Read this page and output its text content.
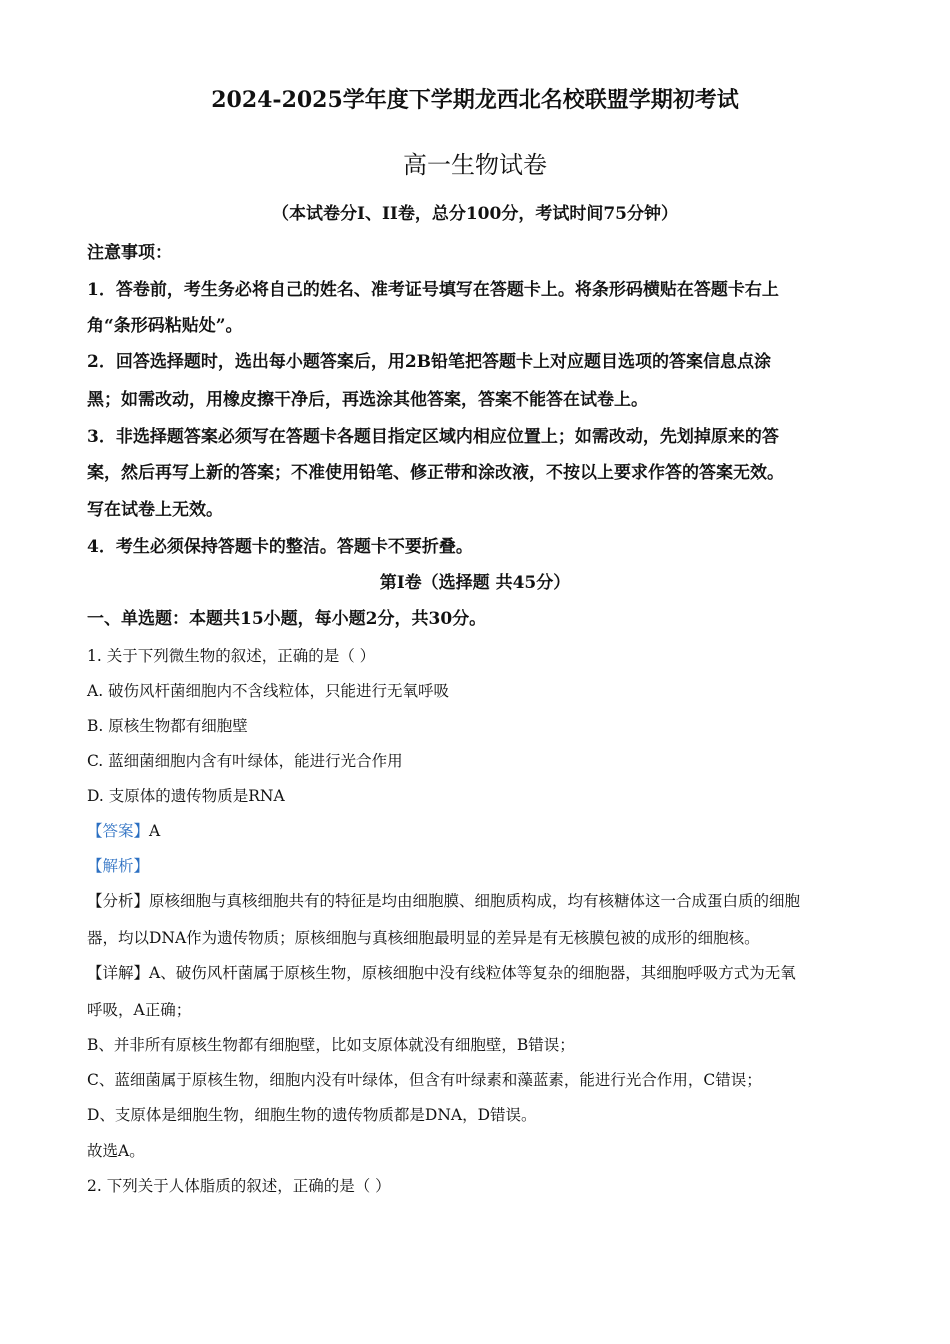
2024-2025学年度下学期龙西北名校联盟学期初考试
高一生物试卷
（本试卷分I、II卷，总分100分，考试时间75分钟）
注意事项：
1．答卷前，考生务必将自己的姓名、准考证号填写在答题卡上。将条形码横贴在答题卡右上
角“条形码粘贴处”。
2．回答选择题时，选出每小题答案后，用2B铅笔把答题卡上对应题目选项的答案信息点涂
黑；如需改动，用橡皮擦干净后，再选涂其他答案，答案不能答在试卷上。
3．非选择题答案必须写在答题卡各题目指定区域内相应位置上；如需改动，先划掉原来的答
案，然后再写上新的答案；不准使用铅笔、修正带和涂改液，不按以上要求作答的答案无效。
写在试卷上无效。
4．考生必须保持答题卡的整洁。答题卡不要折叠。
第I卷（选择题 共45分）
一、单选题：本题共15小题，每小题2分，共30分。
1. 关于下列微生物的叙述，正确的是（ ）
A. 破伤风杆菌细胞内不含线粒体，只能进行无氧呼吸
B. 原核生物都有细胞壁
C. 蓝细菌细胞内含有叶绿体，能进行光合作用
D. 支原体的遗传物质是RNA
【答案】A
【解析】
【分析】原核细胞与真核细胞共有的特征是均由细胞膜、细胞质构成，均有核糖体这一合成蛋白质的细胞
器，均以DNA作为遗传物质；原核细胞与真核细胞最明显的差异是有无核膜包被的成形的细胞核。
【详解】A、破伤风杆菌属于原核生物，原核细胞中没有线粒体等复杂的细胞器，其细胞呼吸方式为无氧
呼吸，A正确；
B、并非所有原核生物都有细胞壁，比如支原体就没有细胞壁，B错误；
C、蓝细菌属于原核生物，细胞内没有叶绿体，但含有叶绿素和藻蓝素，能进行光合作用，C错误；
D、支原体是细胞生物，细胞生物的遗传物质都是DNA，D错误。
故选A。
2. 下列关于人体脂质的叙述，正确的是（ ）
